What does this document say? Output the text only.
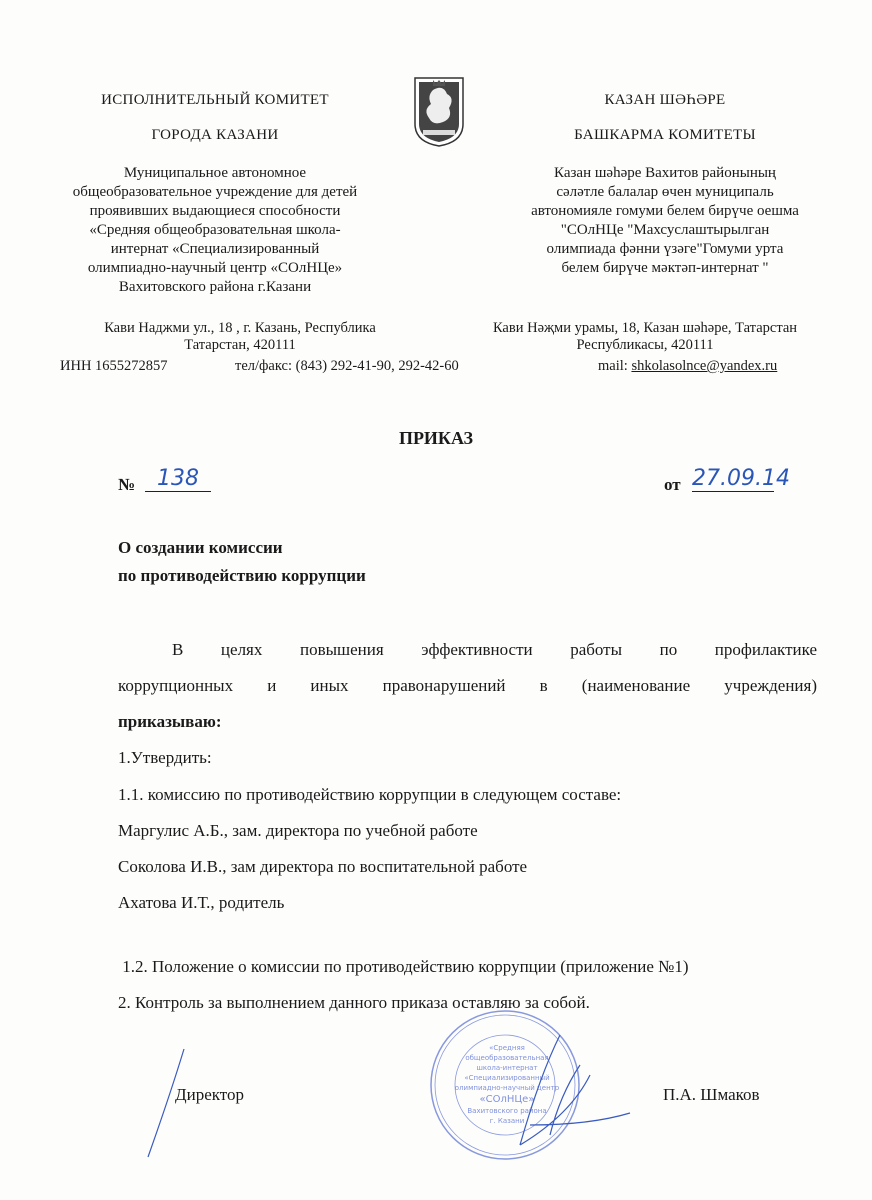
ИСПОЛНИТЕЛЬНЫЙ КОМИТЕТ
ГОРОДА КАЗАНИ
Муниципальное автономное
общеобразовательное учреждение для детей
проявивших выдающиеся способности
«Средняя общеобразовательная школа-
интернат «Специализированный
олимпиадно-научный центр «СОлНЦе»
Вахитовского района г.Казани
КАЗАН ШӘҺӘРЕ
БАШКАРМА КОМИТЕТЫ
Казан шәһәре Вахитов районының
сәләтле балалар өчен муниципаль
автономияле гомуми белем бирүче оешма
"СОлНЦе "Махсуслаштырылган
олимпиада фәнни үзәге"Гомуми урта
белем бирүче мәктәп-интернат "
Кави Наджми ул., 18 , г. Казань, Республика
Татарстан, 420111
ИНН 1655272857	тел/факс: (843) 292-41-90, 292-42-60
Кави Нәҗми урамы, 18, Казан шәһәре, Татарстан
Республикасы, 420111
mail: shkolasolnce@yandex.ru
ПРИКАЗ
№ 138	от 27.09.14
О создании комиссии
по противодействию коррупции
В целях повышения эффективности работы по профилактике
коррупционных и иных правонарушений в (наименование учреждения)
приказываю:
1.Утвердить:
1.1. комиссию по противодействию коррупции в следующем составе:
Маргулис А.Б., зам. директора по учебной работе
Соколова И.В., зам директора по воспитательной работе
Ахатова И.Т., родитель
1.2. Положение о комиссии по противодействию коррупции (приложение №1)
2. Контроль за выполнением данного приказа оставляю за собой.
Директор	П.А. Шмаков
«Средняя
общеобразовательная
школа-интернат
«Специализированный
олимпиадно-научный центр
«СОлНЦе»
Вахитовского района
г. Казани
